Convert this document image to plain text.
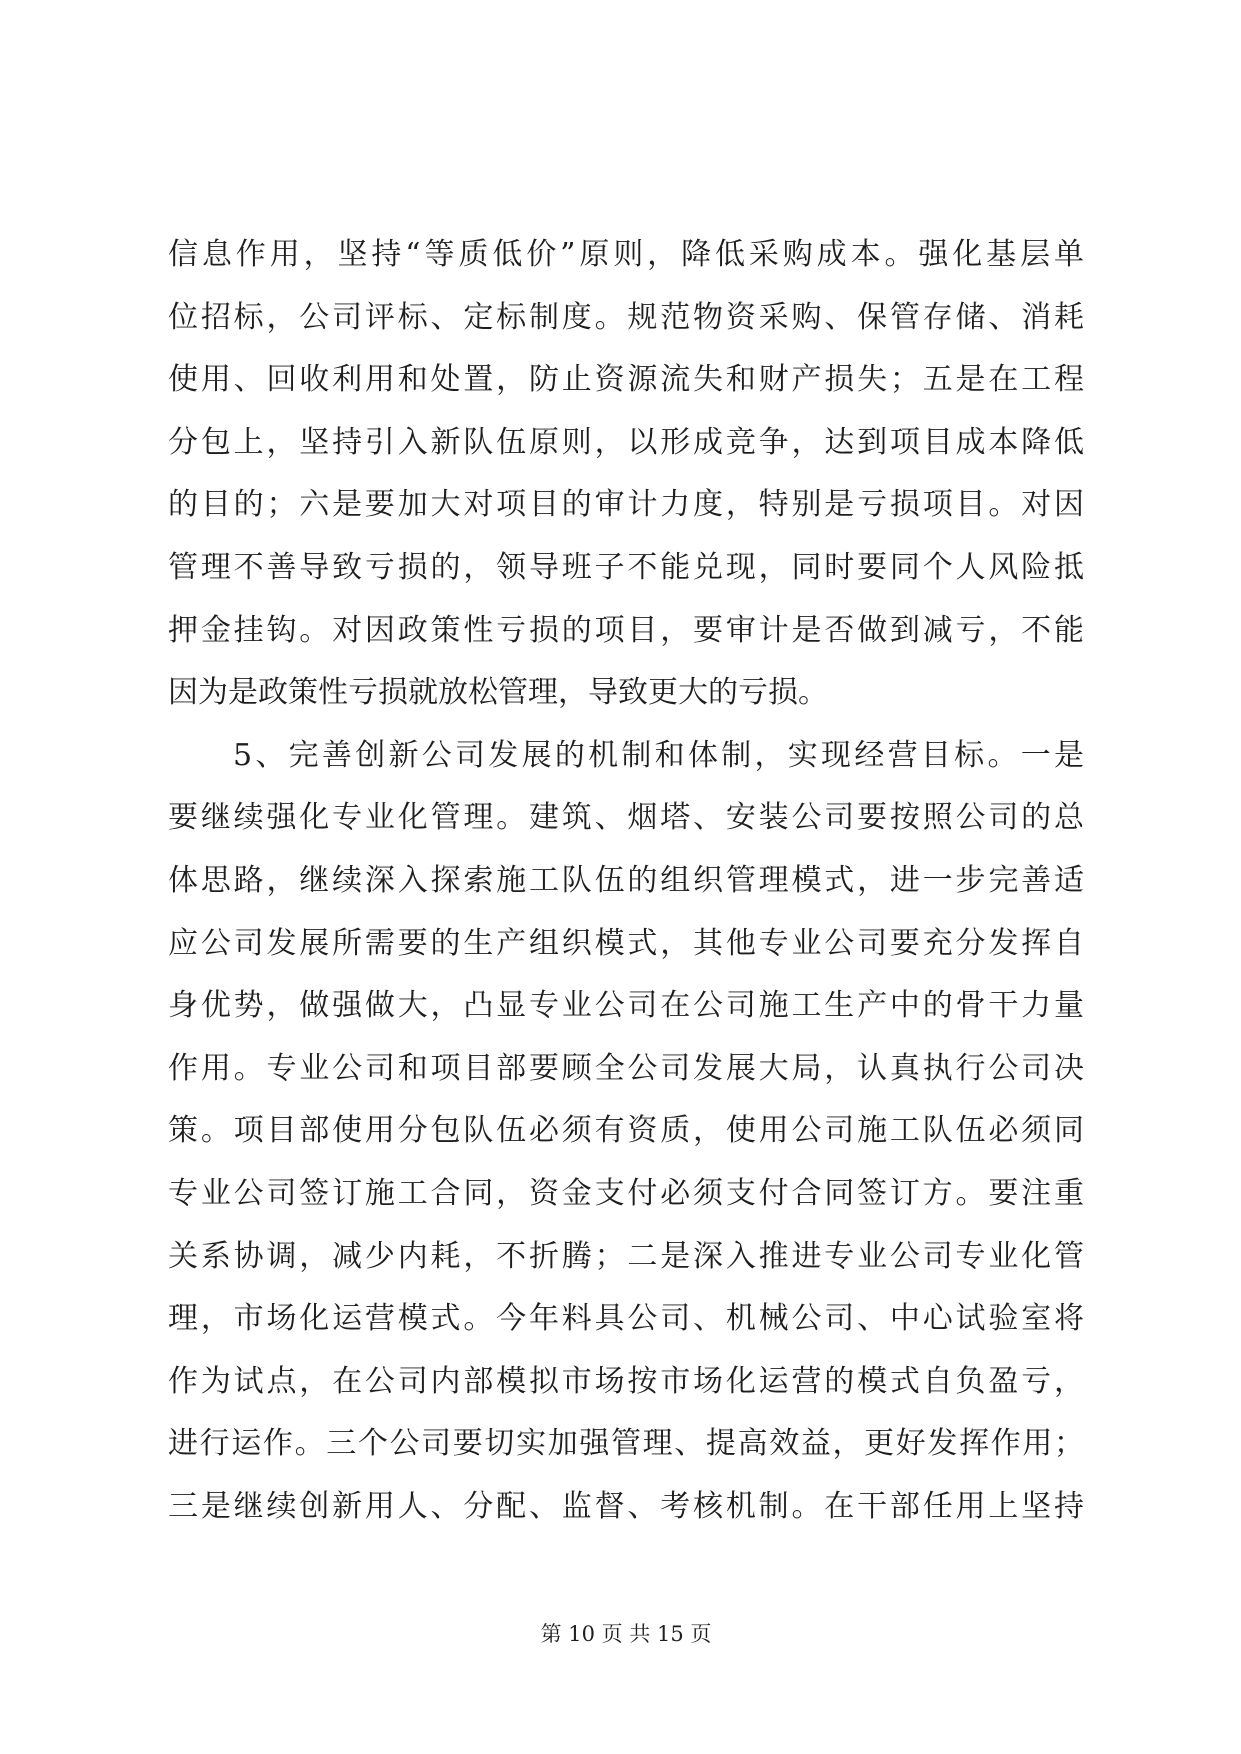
信息作用，坚持“等质低价”原则，降低采购成本。强化基层单
位招标，公司评标、定标制度。规范物资采购、保管存储、消耗
使用、回收利用和处置，防止资源流失和财产损失；五是在工程
分包上，坚持引入新队伍原则，以形成竞争，达到项目成本降低
的目的；六是要加大对项目的审计力度，特别是亏损项目。对因
管理不善导致亏损的，领导班子不能兑现，同时要同个人风险抵
押金挂钩。对因政策性亏损的项目，要审计是否做到减亏，不能
因为是政策性亏损就放松管理，导致更大的亏损。
5、完善创新公司发展的机制和体制，实现经营目标。一是
要继续强化专业化管理。建筑、烟塔、安装公司要按照公司的总
体思路，继续深入探索施工队伍的组织管理模式，进一步完善适
应公司发展所需要的生产组织模式，其他专业公司要充分发挥自
身优势，做强做大，凸显专业公司在公司施工生产中的骨干力量
作用。专业公司和项目部要顾全公司发展大局，认真执行公司决
策。项目部使用分包队伍必须有资质，使用公司施工队伍必须同
专业公司签订施工合同，资金支付必须支付合同签订方。要注重
关系协调，减少内耗，不折腾；二是深入推进专业公司专业化管
理，市场化运营模式。今年料具公司、机械公司、中心试验室将
作为试点，在公司内部模拟市场按市场化运营的模式自负盈亏，
进行运作。三个公司要切实加强管理、提高效益，更好发挥作用；
三是继续创新用人、分配、监督、考核机制。在干部任用上坚持
第 10 页 共 15 页
